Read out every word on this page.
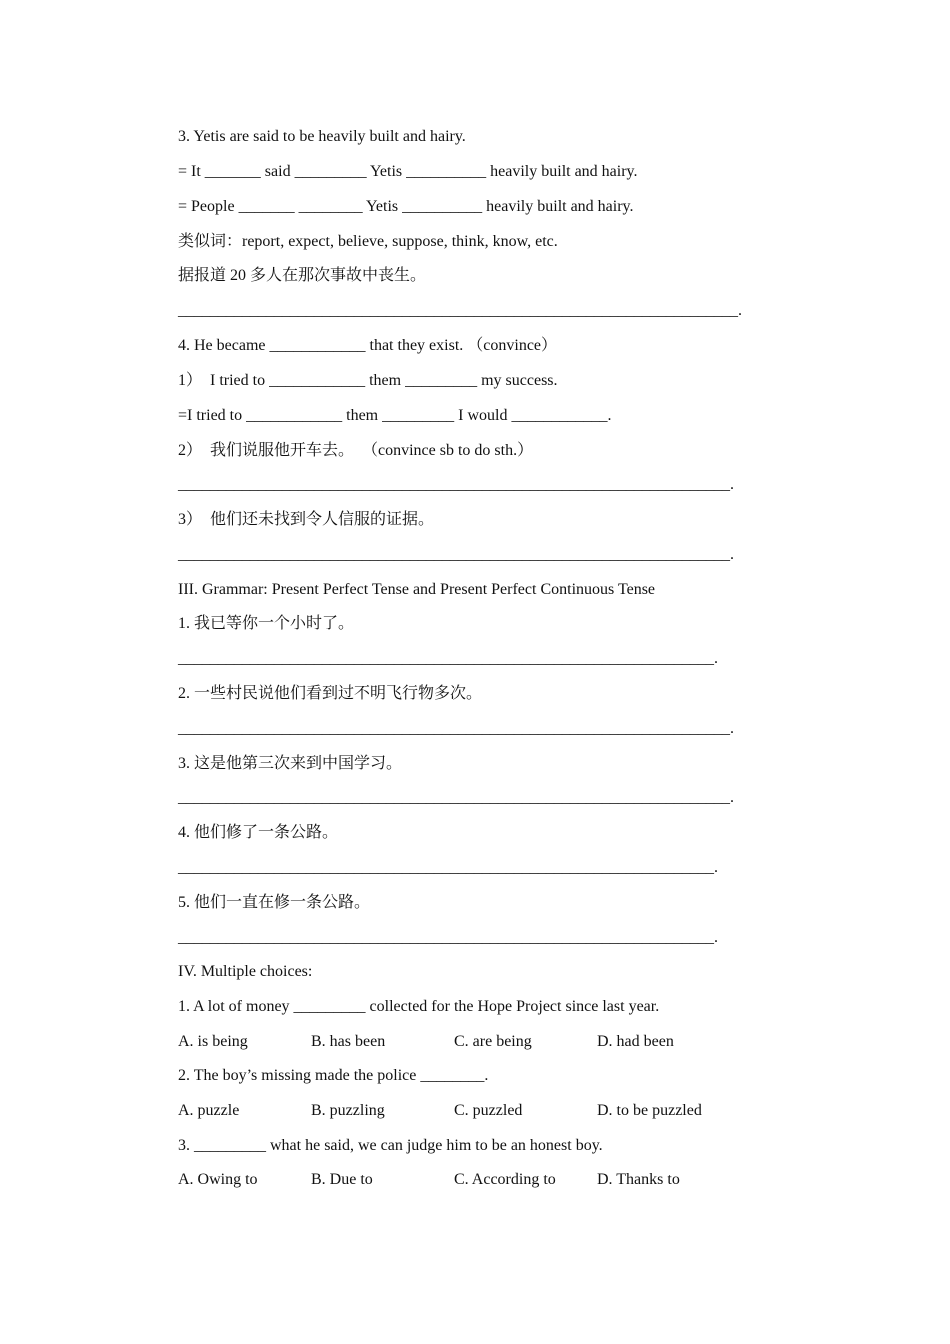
3. Yetis are said to be heavily built and hairy.
= It _______ said _________ Yetis __________ heavily built and hairy.
= People _______ ________ Yetis __________ heavily built and hairy.
类似词：report, expect, believe, suppose, think, know, etc.
据报道 20 多人在那次事故中丧生。
______________________________________________________________________.
4. He became ____________ that they exist. （convince）
1）  I tried to ____________ them _________ my success.
=I tried to ____________ them _________ I would ____________.
2）  我们说服他开车去。  （convince sb to do sth.）
_____________________________________________________________________.
3）  他们还未找到令人信服的证据。
_____________________________________________________________________.
III. Grammar: Present Perfect Tense and Present Perfect Continuous Tense
1. 我已等你一个小时了。
___________________________________________________________________.
2. 一些村民说他们看到过不明飞行物多次。
_____________________________________________________________________.
3. 这是他第三次来到中国学习。
_____________________________________________________________________.
4. 他们修了一条公路。
___________________________________________________________________.
5. 他们一直在修一条公路。
___________________________________________________________________.
IV. Multiple choices:
1. A lot of money _________ collected for the Hope Project since last year.
A. is being	B. has been	C. are being	D. had been
2. The boy’s missing made the police ________.
A. puzzle	B. puzzling	C. puzzled	D. to be puzzled
3. _________ what he said, we can judge him to be an honest boy.
A. Owing to	B. Due to	C. According to	D. Thanks to
